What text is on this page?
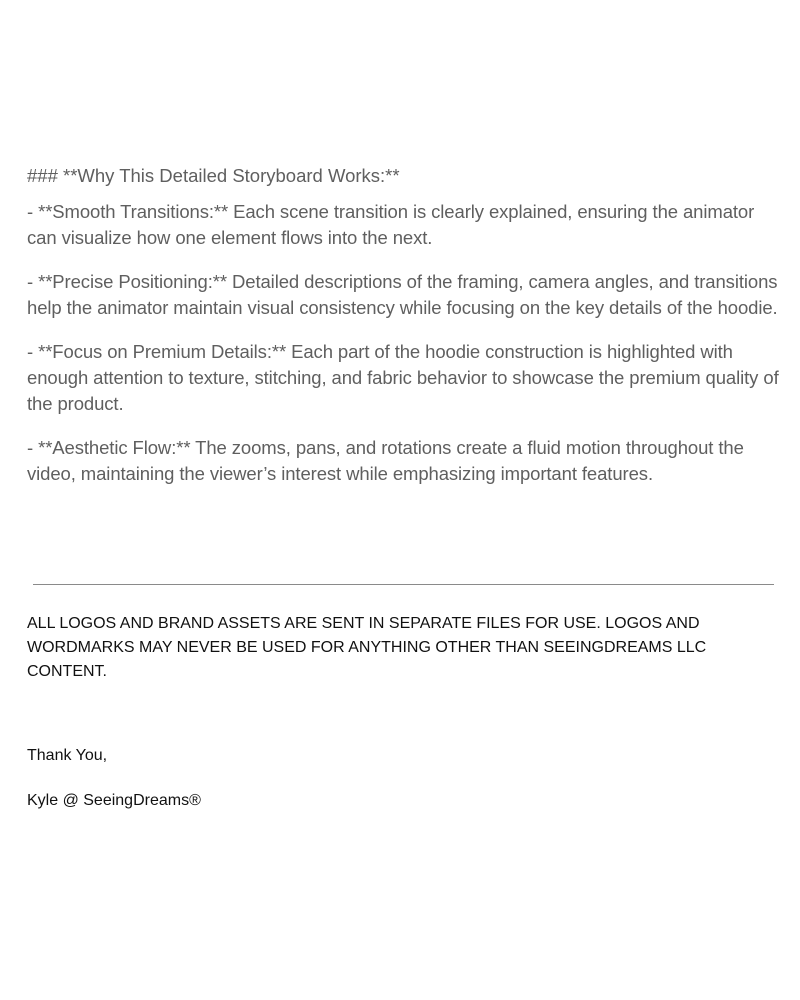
### **Why This Detailed Storyboard Works:**

- **Smooth Transitions:** Each scene transition is clearly explained, ensuring the animator can visualize how one element flows into the next.

- **Precise Positioning:** Detailed descriptions of the framing, camera angles, and transitions help the animator maintain visual consistency while focusing on the key details of the hoodie.

- **Focus on Premium Details:** Each part of the hoodie construction is highlighted with enough attention to texture, stitching, and fabric behavior to showcase the premium quality of the product.

- **Aesthetic Flow:** The zooms, pans, and rotations create a fluid motion throughout the video, maintaining the viewer’s interest while emphasizing important features.

ALL LOGOS AND BRAND ASSETS ARE SENT IN SEPARATE FILES FOR USE. LOGOS AND WORDMARKS MAY NEVER BE USED FOR ANYTHING OTHER THAN SEEINGDREAMS LLC CONTENT.
Thank You,
Kyle @ SeeingDreams®
